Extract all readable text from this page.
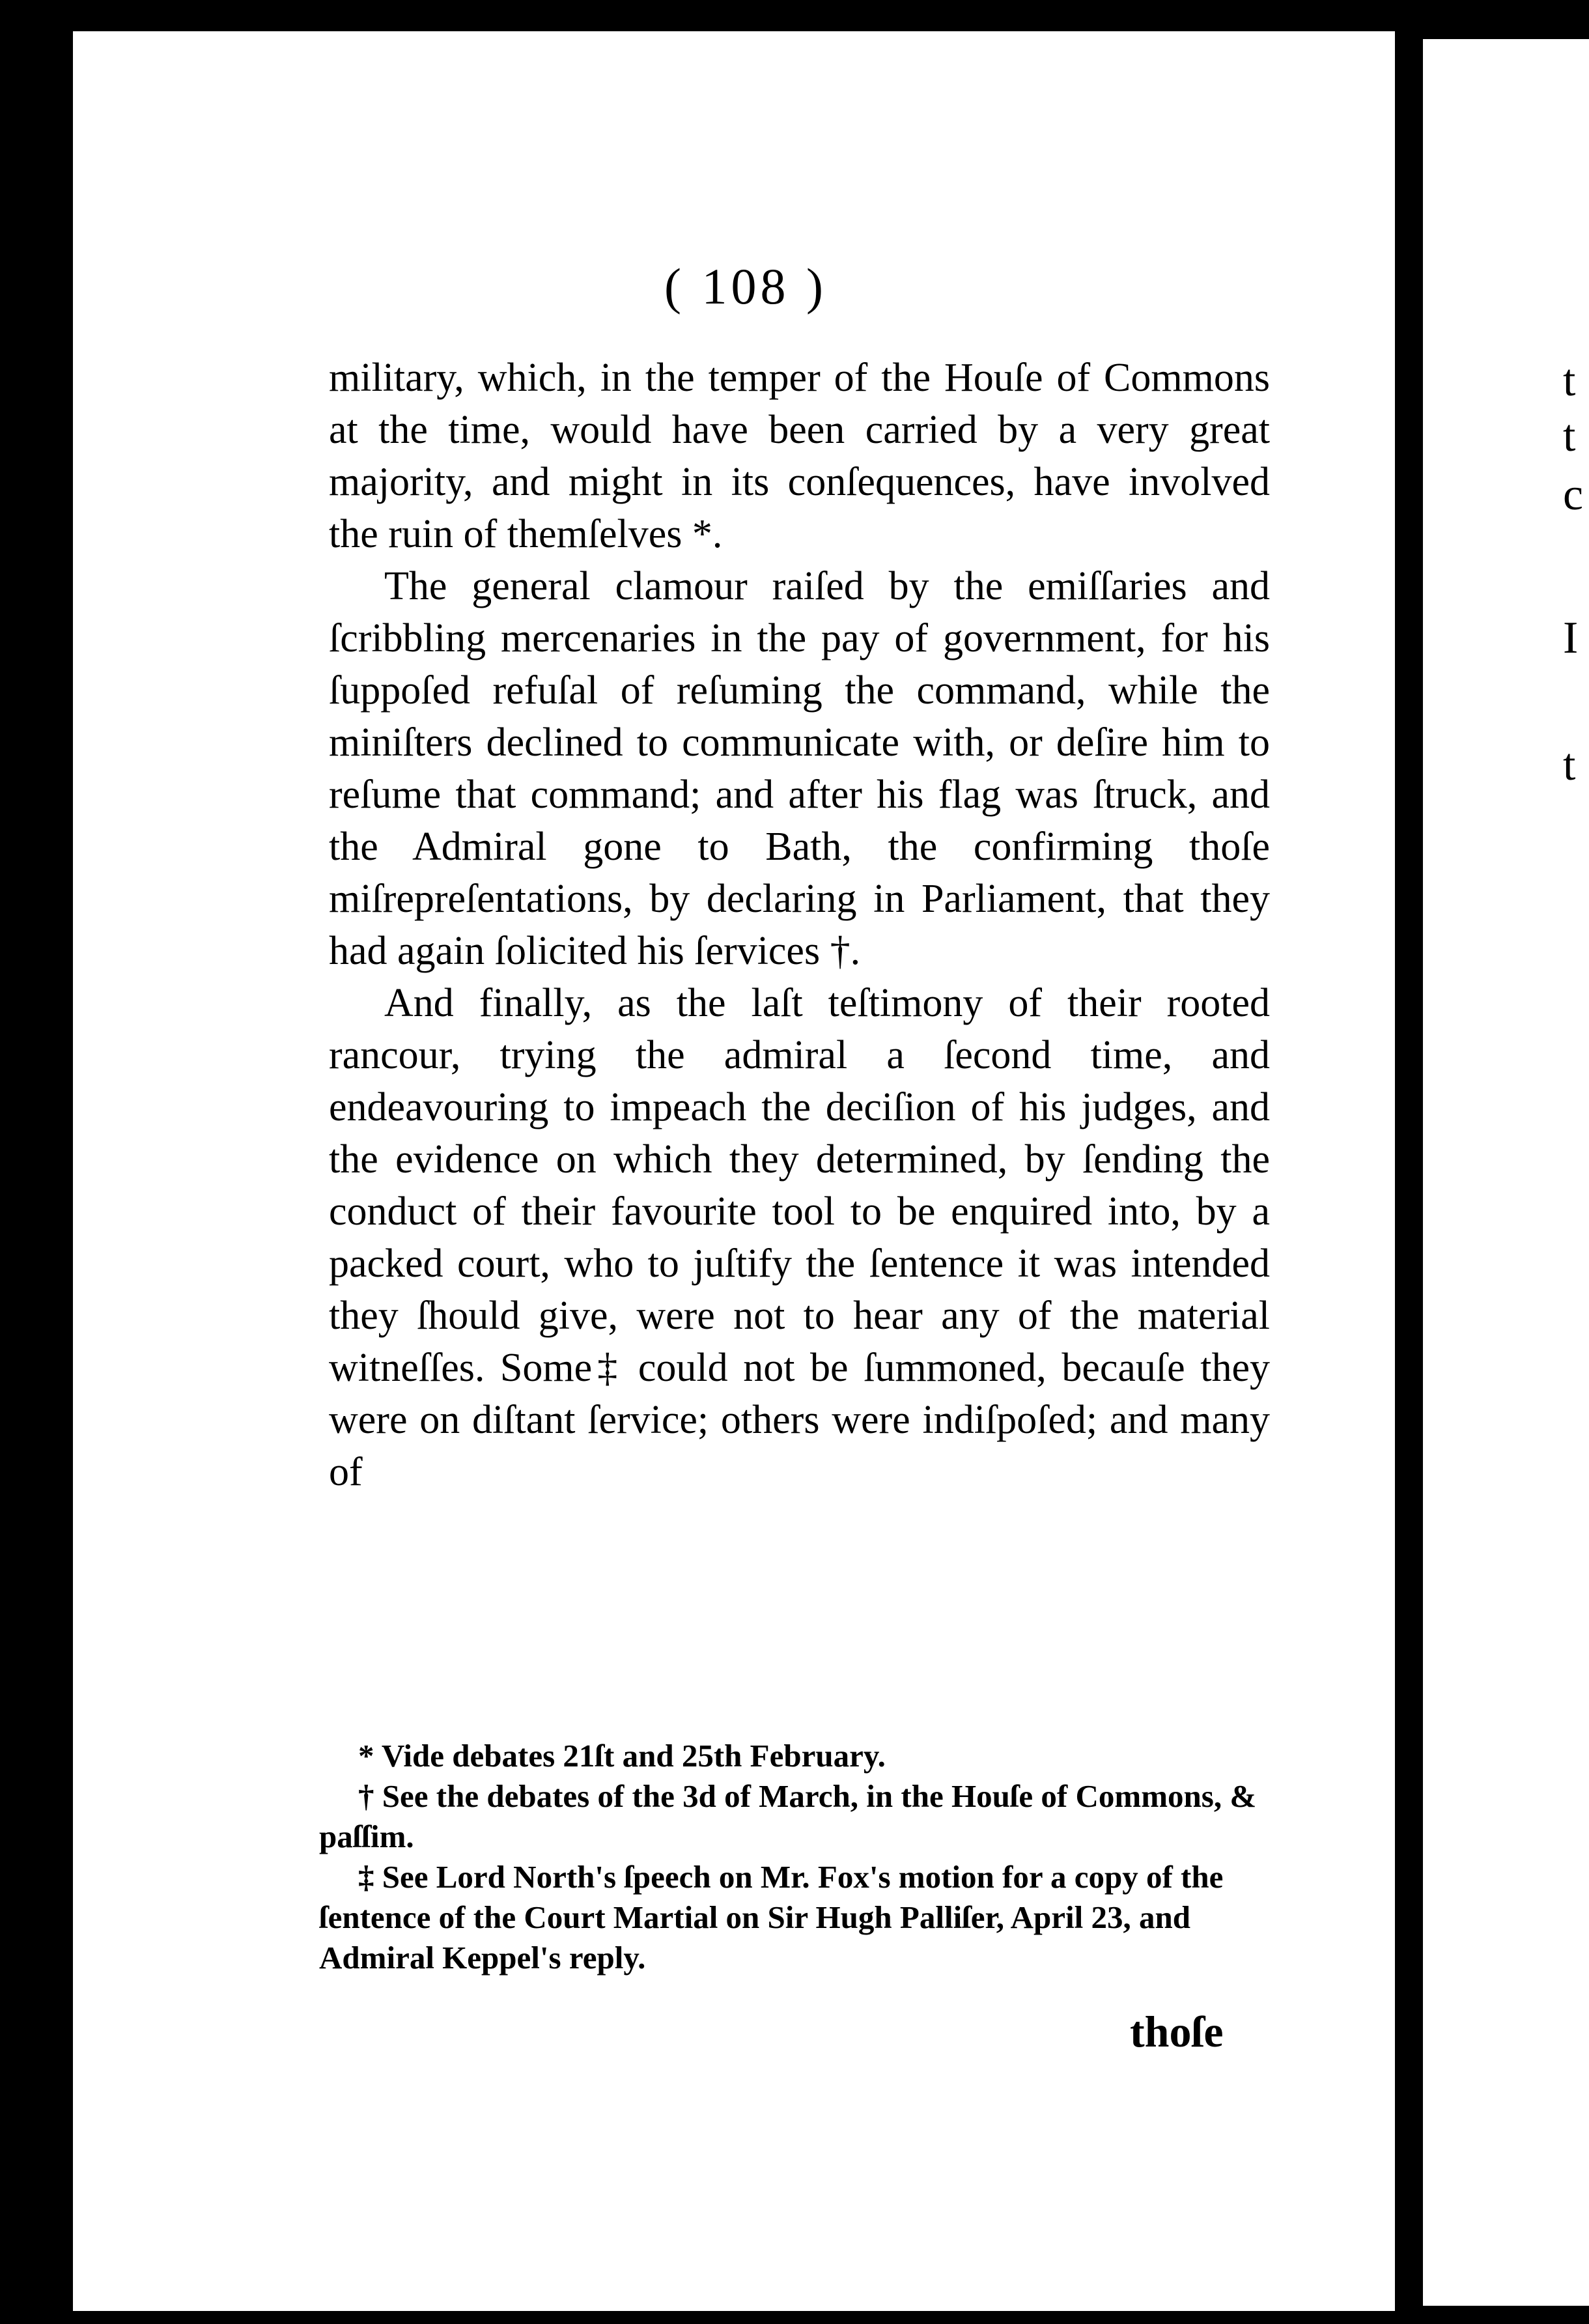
t
t
c
I
t
( 108 )

military, which, in the temper of the Houſe of Commons at the time, would have been carried by a very great majority, and might in its conſequences, have involved the ruin of themſelves *.

The general clamour raiſed by the emiſſaries and ſcribbling mercenaries in the pay of government, for his ſuppoſed refuſal of reſuming the command, while the miniſters declined to communicate with, or deſire him to reſume that command; and after his flag was ſtruck, and the Admiral gone to Bath, the confirming thoſe miſrepreſentations, by declaring in Parliament, that they had again ſolicited his ſervices †.

And finally, as the laſt teſtimony of their rooted rancour, trying the admiral a ſecond time, and endeavouring to impeach the deciſion of his judges, and the evidence on which they determined, by ſending the conduct of their favourite tool to be enquired into, by a packed court, who to juſtify the ſentence it was intended they ſhould give, were not to hear any of the material witneſſes. Some‡ could not be ſummoned, becauſe they were on diſtant ſervice; others were indiſpoſed; and many of

* Vide debates 21ſt and 25th February.

† See the debates of the 3d of March, in the Houſe of Commons, & paſſim.

‡ See Lord North's ſpeech on Mr. Fox's motion for a copy of the ſentence of the Court Martial on Sir Hugh Palliſer, April 23, and Admiral Keppel's reply.

thoſe
